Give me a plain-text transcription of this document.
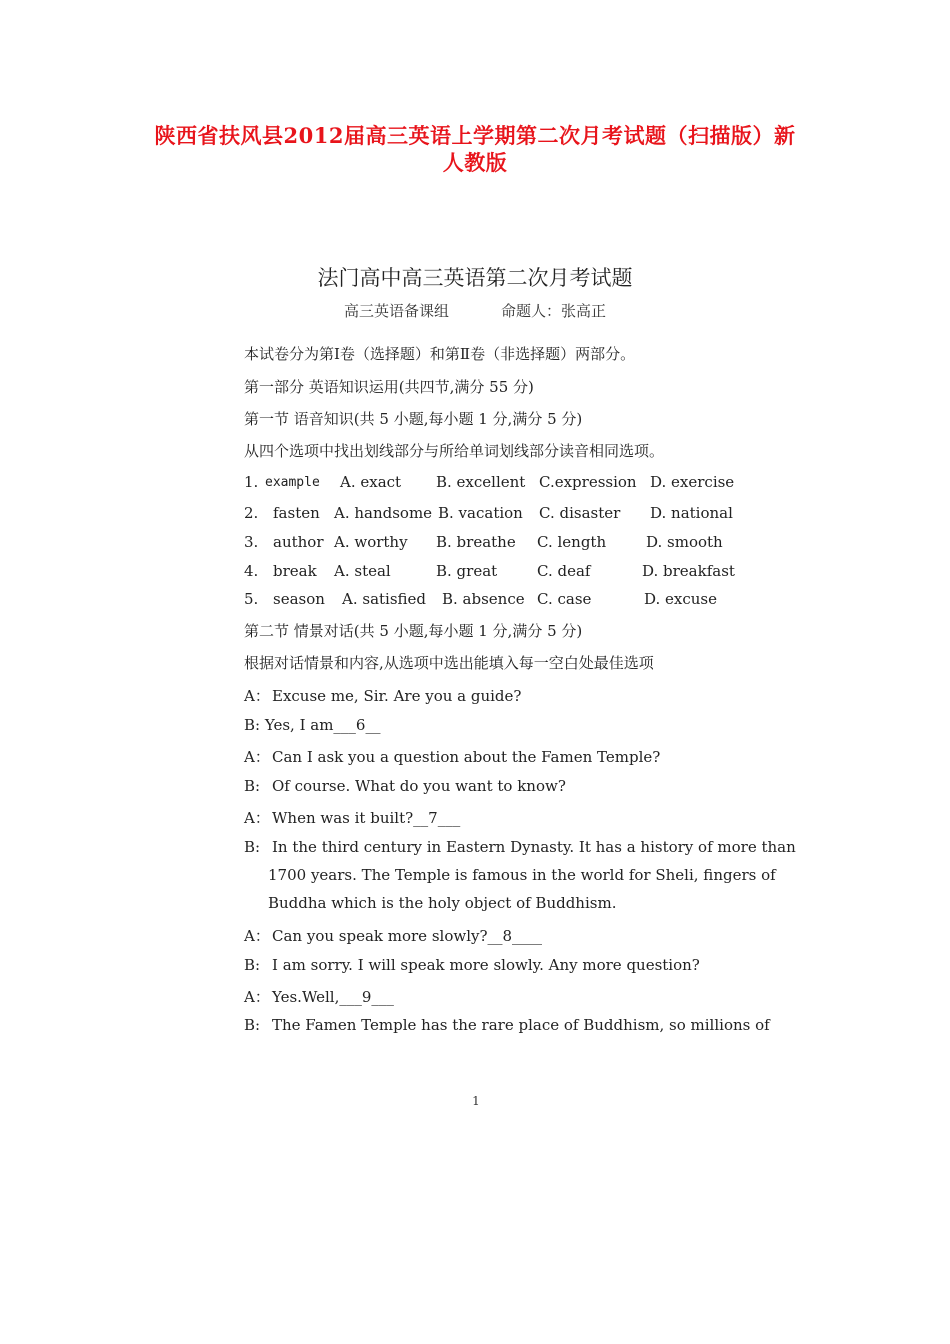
陕西省扶风县2012届高三英语上学期第二次月考试题（扫描版）新
人教版
法门高中高三英语第二次月考试题
高三英语备课组	命题人：张高正
本试卷分为第Ⅰ卷（选择题）和第Ⅱ卷（非选择题）两部分。
第一部分 英语知识运用(共四节,满分 55 分)
第一节 语音知识(共 5 小题,每小题 1 分,满分 5 分)
从四个选项中找出划线部分与所给单词划线部分读音相同选项。
1. example A. exact B. excellent C.expression D. exercise
2. fasten A. handsome B. vacation C. disaster D. national
3. author A. worthy B. breathe C. length	D. smooth
4. break A. steal	B. great	C. deaf	D. breakfast
5. season A. satisfied B. absence C. case	D. excuse
第二节 情景对话(共 5 小题,每小题 1 分,满分 5 分)
根据对话情景和内容,从选项中选出能填入每一空白处最佳选项
A： Excuse me, Sir. Are you a guide?
B: Yes, I am___6__
A： Can I ask you a question about the Famen Temple?
B: Of course. What do you want to know?
A： When was it built?__7___
B: In the third century in Eastern Dynasty. It has a history of more than
1700 years. The Temple is famous in the world for Sheli, fingers of
Buddha which is the holy object of Buddhism.
A： Can you speak more slowly?__8____
B: I am sorry. I will speak more slowly. Any more question?
A： Yes.Well,___9___
B: The Famen Temple has the rare place of Buddhism, so millions of
1
